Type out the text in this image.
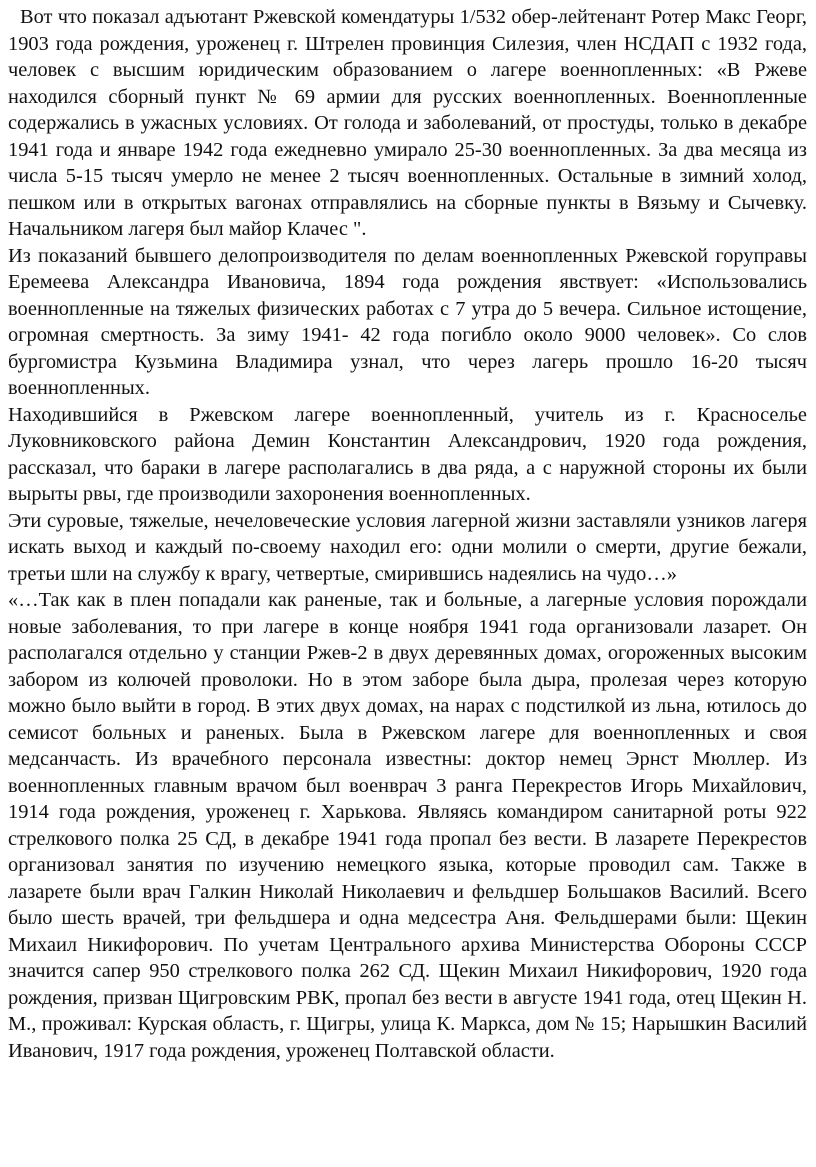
Вот что показал адъютант Ржевской комендатуры 1/532 обер-лейтенант Ротер Макс Георг, 1903 года рождения, уроженец г. Штрелен провинция Силезия, член НСДАП с 1932 года, человек с высшим юридическим образованием о лагере военнопленных: «В Ржеве находился сборный пункт № 69 армии для русских военнопленных. Военнопленные содержались в ужасных условиях. От голода и заболеваний, от простуды, только в декабре 1941 года и январе 1942 года ежедневно умирало 25-30 военнопленных. За два месяца из числа 5-15 тысяч умерло не менее 2 тысяч военнопленных. Остальные в зимний холод, пешком или в открытых вагонах отправлялись на сборные пункты в Вязьму и Сычевку. Начальником лагеря был майор Клачес ".

Из показаний бывшего делопроизводителя по делам военнопленных Ржевской горуправы Еремеева Александра Ивановича, 1894 года рождения явствует: «Использовались военнопленные на тяжелых физических работах с 7 утра до 5 вечера. Сильное истощение, огромная смертность. За зиму 1941- 42 года погибло около 9000 человек». Со слов бургомистра Кузьмина Владимира узнал, что через лагерь прошло 16-20 тысяч военнопленных.

Находившийся в Ржевском лагере военнопленный, учитель из г. Красноселье Луковниковского района Демин Константин Александрович, 1920 года рождения, рассказал, что бараки в лагере располагались в два ряда, а с наружной стороны их были вырыты рвы, где производили захоронения военнопленных.

Эти суровые, тяжелые, нечеловеческие условия лагерной жизни заставляли узников лагеря искать выход и каждый по-своему находил его: одни молили о смерти, другие бежали, третьи шли на службу к врагу, четвертые, смирившись надеялись на чудо…»

«…Так как в плен попадали как раненые, так и больные, а лагерные условия порождали новые заболевания, то при лагере в конце ноября 1941 года организовали лазарет. Он располагался отдельно у станции Ржев-2 в двух деревянных домах, огороженных высоким забором из колючей проволоки. Но в этом заборе была дыра, пролезая через которую можно было выйти в город. В этих двух домах, на нарах с подстилкой из льна, ютилось до семисот больных и раненых. Была в Ржевском лагере для военнопленных и своя медсанчасть. Из врачебного персонала известны: доктор немец Эрнст Мюллер. Из военнопленных главным врачом был военврач 3 ранга Перекрестов Игорь Михайлович, 1914 года рождения, уроженец г. Харькова. Являясь командиром санитарной роты 922 стрелкового полка 25 СД, в декабре 1941 года пропал без вести. В лазарете Перекрестов организовал занятия по изучению немецкого языка, которые проводил сам. Также в лазарете были врач Галкин Николай Николаевич и фельдшер Большаков Василий. Всего было шесть врачей, три фельдшера и одна медсестра Аня. Фельдшерами были: Щекин Михаил Никифорович. По учетам Центрального архива Министерства Обороны СССР значится сапер 950 стрелкового полка 262 СД. Щекин Михаил Никифорович, 1920 года рождения, призван Щигровским РВК, пропал без вести в августе 1941 года, отец Щекин Н. М., проживал: Курская область, г. Щигры, улица К. Маркса, дом № 15; Нарышкин Василий Иванович, 1917 года рождения, уроженец Полтавской области.
